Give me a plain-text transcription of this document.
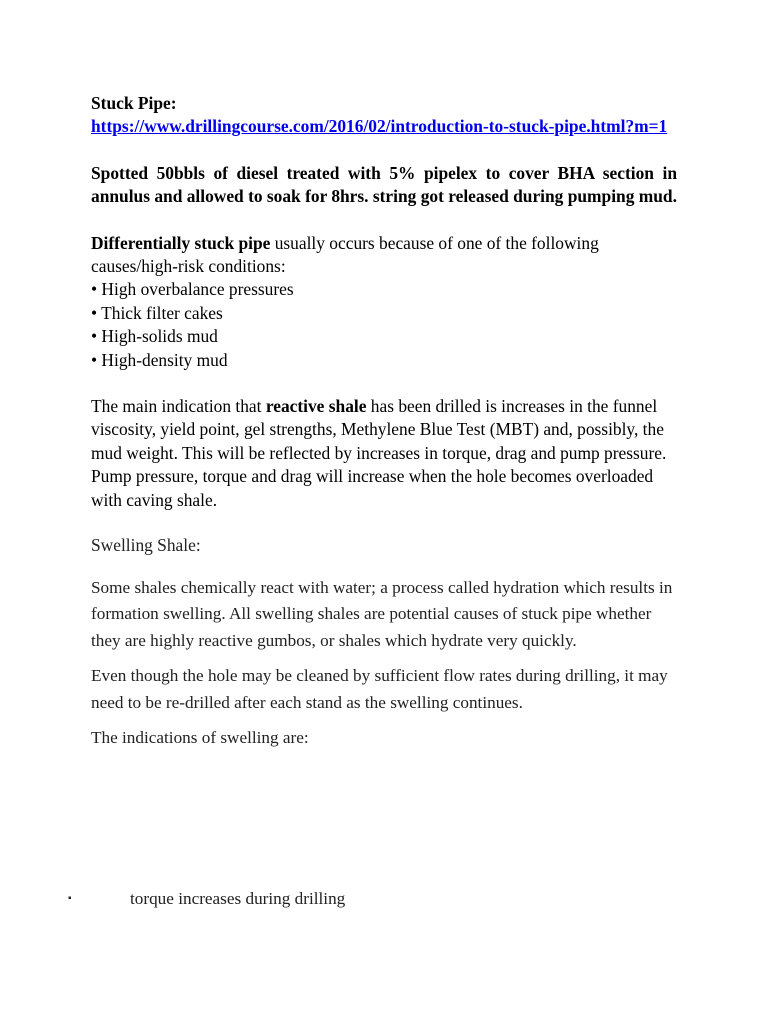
Stuck Pipe:

https://www.drillingcourse.com/2016/02/introduction-to-stuck-pipe.html?m=1

Spotted 50bbls of diesel treated with 5% pipelex to cover BHA section in annulus and allowed to soak for 8hrs. string got released during pumping mud.

Differentially stuck pipe usually occurs because of one of the following causes/high-risk conditions:
• High overbalance pressures
• Thick filter cakes
• High-solids mud
• High-density mud

The main indication that reactive shale has been drilled is increases in the funnel viscosity, yield point, gel strengths, Methylene Blue Test (MBT) and, possibly, the mud weight. This will be reflected by increases in torque, drag and pump pressure.

Pump pressure, torque and drag will increase when the hole becomes overloaded with caving shale.

Swelling Shale:

Some shales chemically react with water; a process called hydration which results in formation swelling. All swelling shales are potential causes of stuck pipe whether they are highly reactive gumbos, or shales which hydrate very quickly.

Even though the hole may be cleaned by sufficient flow rates during drilling, it may need to be re-drilled after each stand as the swelling continues.

The indications of swelling are:

▪	torque increases during drilling
